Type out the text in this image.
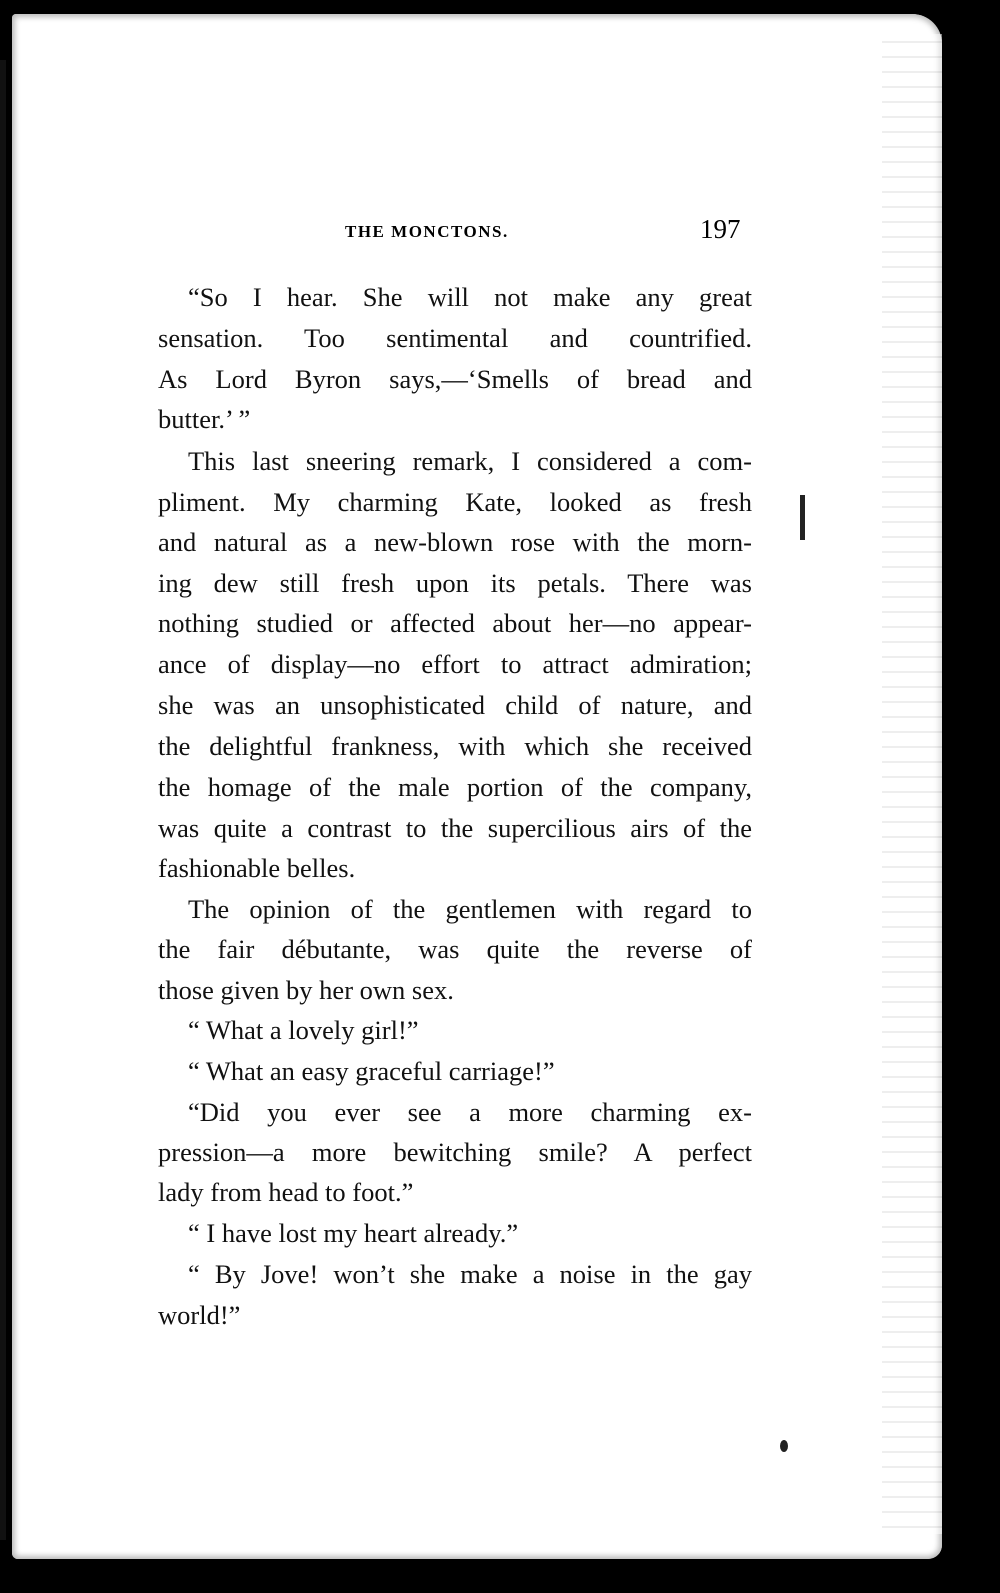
THE MONCTONS.	197
“So I hear. She will not make any great
sensation. Too sentimental and countrified.
As Lord Byron says,—‘Smells of bread and
butter.’ ”
This last sneering remark, I considered a com-
pliment. My charming Kate, looked as fresh
and natural as a new-blown rose with the morn-
ing dew still fresh upon its petals. There was
nothing studied or affected about her—no appear-
ance of display—no effort to attract admiration;
she was an unsophisticated child of nature, and
the delightful frankness, with which she received
the homage of the male portion of the company,
was quite a contrast to the supercilious airs of the
fashionable belles.
The opinion of the gentlemen with regard to
the fair débutante, was quite the reverse of
those given by her own sex.
“ What a lovely girl!”
“ What an easy graceful carriage!”
“Did you ever see a more charming ex-
pression—a more bewitching smile? A perfect
lady from head to foot.”
“ I have lost my heart already.”
“ By Jove! won’t she make a noise in the gay
world!”
